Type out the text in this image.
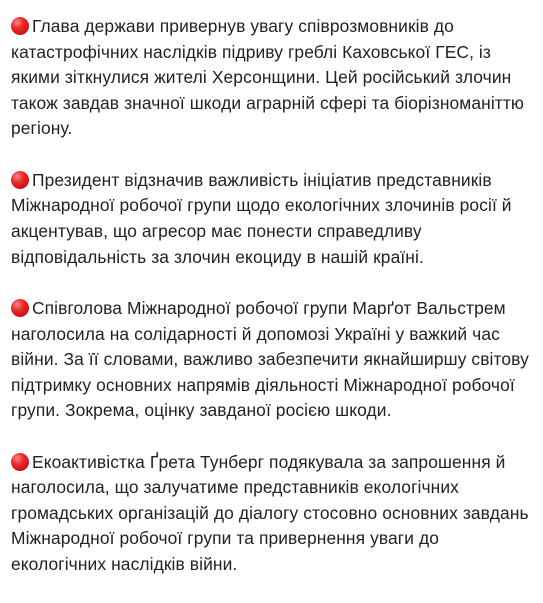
Глава держави привернув увагу співрозмовників до катастрофічних наслідків підриву греблі Каховської ГЕС, із якими зіткнулися жителі Херсонщини. Цей російський злочин також завдав значної шкоди аграрній сфері та біорізноманіттю регіону.

Президент відзначив важливість ініціатив представників Міжнародної робочої групи щодо екологічних злочинів росії й акцентував, що агресор має понести справедливу відповідальність за злочин екоциду в нашій країні.

Співголова Міжнародної робочої групи Марґот Вальстрем наголосила на солідарності й допомозі Україні у важкий час війни. За її словами, важливо забезпечити якнайширшу світову підтримку основних напрямів діяльності Міжнародної робочої групи. Зокрема, оцінку завданої росією шкоди.

Екоактивістка Ґрета Тунберг подякувала за запрошення й наголосила, що залучатиме представників екологічних громадських організацій до діалогу стосовно основних завдань Міжнародної робочої групи та привернення уваги до екологічних наслідків війни.
